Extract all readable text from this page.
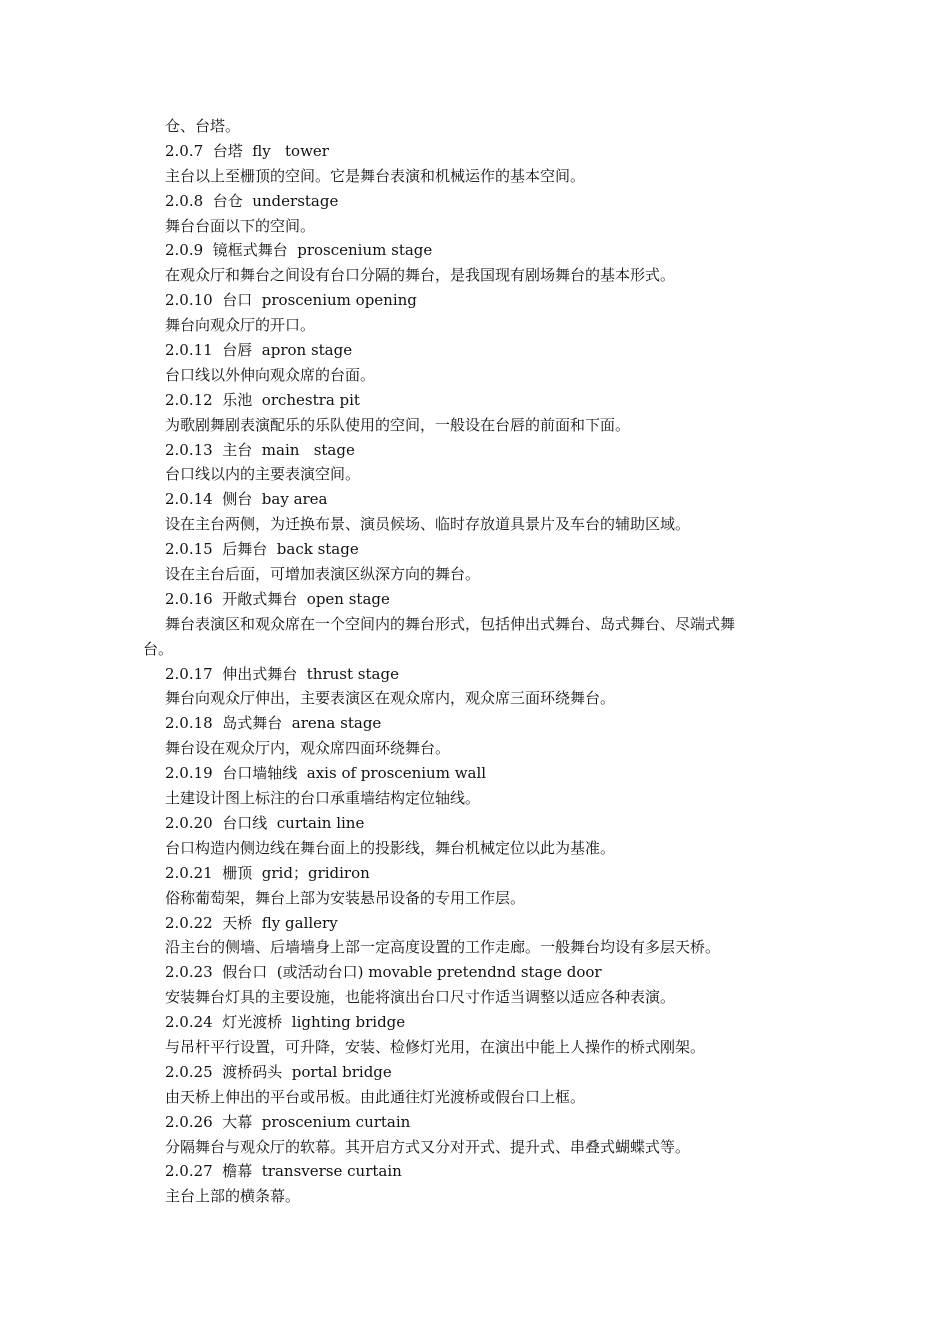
仓、台塔。
2.0.7  台塔  fly   tower
主台以上至栅顶的空间。它是舞台表演和机械运作的基本空间。
2.0.8  台仓  understage
舞台台面以下的空间。
2.0.9  镜框式舞台  proscenium stage
在观众厅和舞台之间设有台口分隔的舞台，是我国现有剧场舞台的基本形式。
2.0.10  台口  proscenium opening
舞台向观众厅的开口。
2.0.11  台唇  apron stage
台口线以外伸向观众席的台面。
2.0.12  乐池  orchestra pit
为歌剧舞剧表演配乐的乐队使用的空间，一般设在台唇的前面和下面。
2.0.13  主台  main   stage
台口线以内的主要表演空间。
2.0.14  侧台  bay area
设在主台两侧，为迁换布景、演员候场、临时存放道具景片及车台的辅助区域。
2.0.15  后舞台  back stage
设在主台后面，可增加表演区纵深方向的舞台。
2.0.16  开敞式舞台  open stage
舞台表演区和观众席在一个空间内的舞台形式，包括伸出式舞台、岛式舞台、尽端式舞
台。
2.0.17  伸出式舞台  thrust stage
舞台向观众厅伸出，主要表演区在观众席内，观众席三面环绕舞台。
2.0.18  岛式舞台  arena stage
舞台设在观众厅内，观众席四面环绕舞台。
2.0.19  台口墙轴线  axis of proscenium wall
土建设计图上标注的台口承重墙结构定位轴线。
2.0.20  台口线  curtain line
台口构造内侧边线在舞台面上的投影线，舞台机械定位以此为基准。
2.0.21  栅顶  grid；gridiron
俗称葡萄架，舞台上部为安装悬吊设备的专用工作层。
2.0.22  天桥  fly gallery
沿主台的侧墙、后墙墙身上部一定高度设置的工作走廊。一般舞台均设有多层天桥。
2.0.23  假台口  (或活动台口) movable pretendnd stage door
安装舞台灯具的主要设施，也能将演出台口尺寸作适当调整以适应各种表演。
2.0.24  灯光渡桥  lighting bridge
与吊杆平行设置，可升降，安装、检修灯光用，在演出中能上人操作的桥式刚架。
2.0.25  渡桥码头  portal bridge
由天桥上伸出的平台或吊板。由此通往灯光渡桥或假台口上框。
2.0.26  大幕  proscenium curtain
分隔舞台与观众厅的软幕。其开启方式又分对开式、提升式、串叠式蝴蝶式等。
2.0.27  檐幕  transverse curtain
主台上部的横条幕。
